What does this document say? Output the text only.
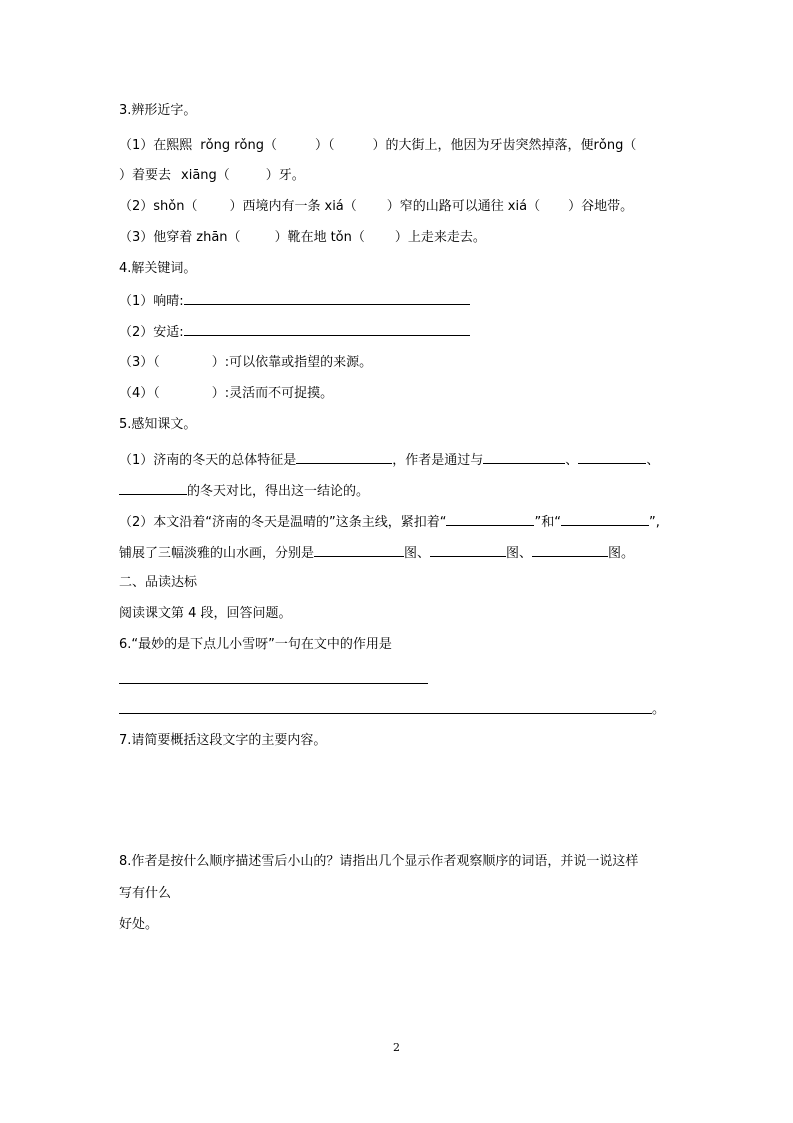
3.辨形近字。
（1）在熙熙 rǒng rǒng（	）（	）的大街上，他因为牙齿突然掉落，便rǒng（
）着要去 xiāng（	）牙。
（2）shǒn（ ）西境内有一条 xiá（ ）窄的山路可以通往 xiá（ ）谷地带。
（3）他穿着 zhān（	）靴在地 tǒn（ ）上走来走去。
4.解关键词。
（1）响晴:
（2）安适:
（3）（	）:可以依靠或指望的来源。
（4）（	）:灵活而不可捉摸。
5.感知课文。
（1）济南的冬天的总体特征是	，作者是通过与	、	、
的冬天对比，得出这一结论的。
（2）本文沿着“济南的冬天是温晴的”这条主线，紧扣着“	”和“	”,
铺展了三幅淡雅的山水画，分别是	图、	图、	图。
二、品读达标
阅读课文第 4 段，回答问题。
6.“最妙的是下点儿小雪呀”一句在文中的作用是
。
7.请简要概括这段文字的主要内容。
8.作者是按什么顺序描述雪后小山的？请指出几个显示作者观察顺序的词语，并说一说这样
写有什么
好处。
2
